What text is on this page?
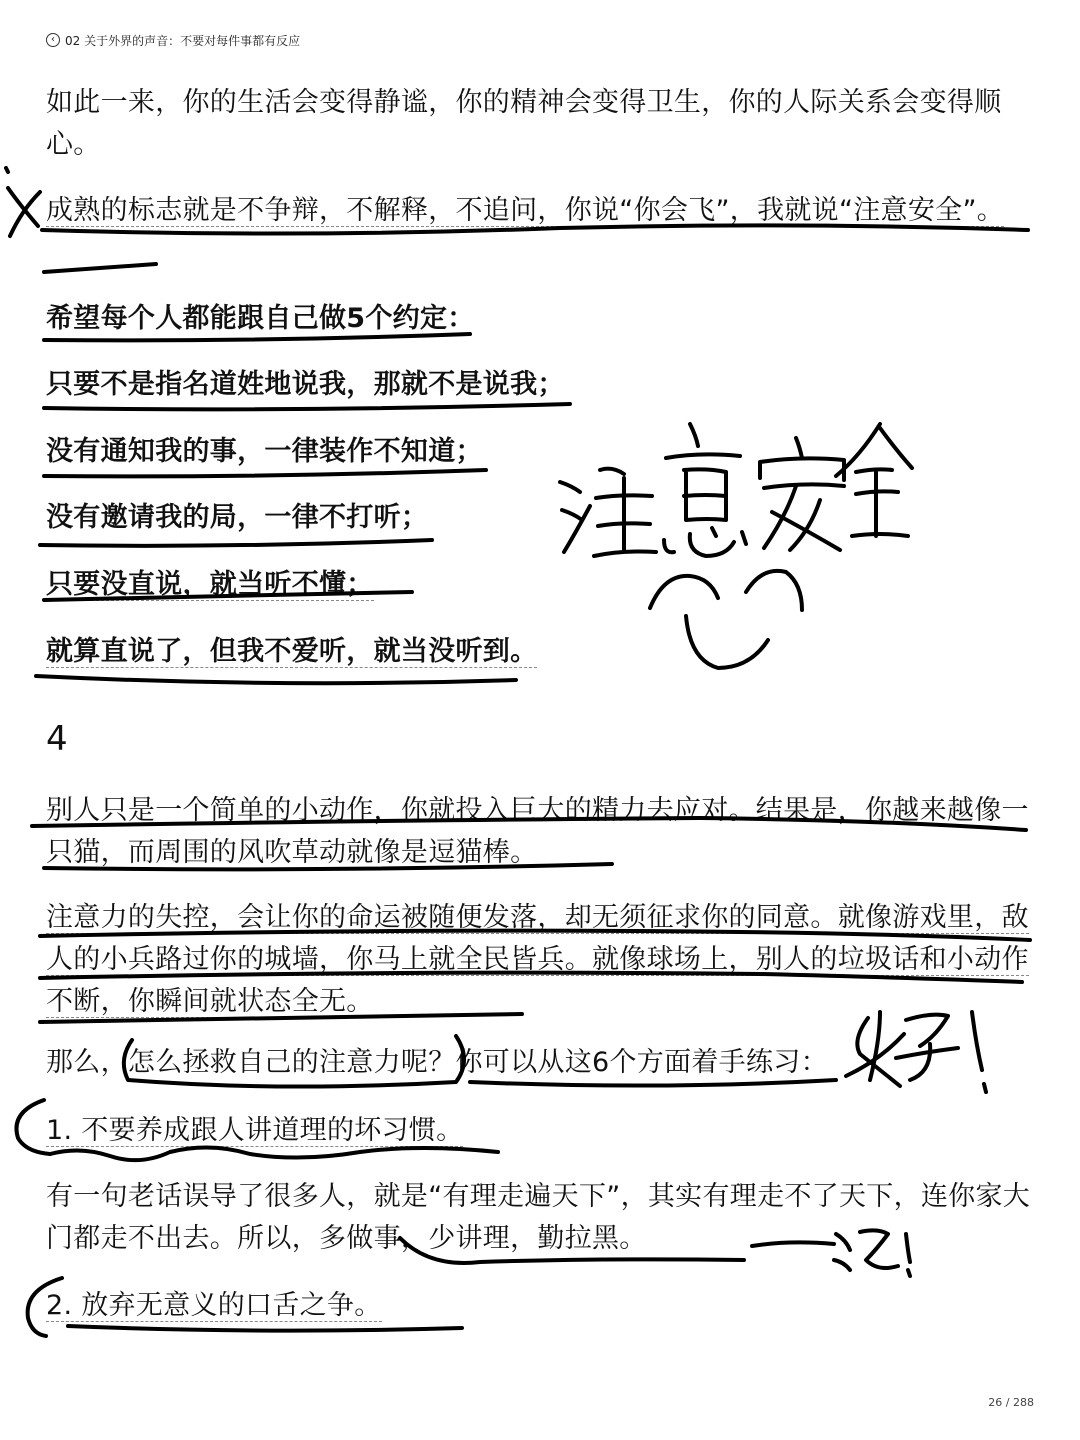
‹ 02 关于外界的声音：不要对每件事都有反应
如此一来，你的生活会变得静谧，你的精神会变得卫生，你的人际关系会变得顺心。
成熟的标志就是不争辩，不解释，不追问，你说“你会飞”，我就说“注意安全”。
希望每个人都能跟自己做5个约定：
只要不是指名道姓地说我，那就不是说我；
没有通知我的事，一律装作不知道；
没有邀请我的局，一律不打听；
只要没直说，就当听不懂；
就算直说了，但我不爱听，就当没听到。
4
别人只是一个简单的小动作，你就投入巨大的精力去应对。结果是，你越来越像一只猫，而周围的风吹草动就像是逗猫棒。
注意力的失控，会让你的命运被随便发落，却无须征求你的同意。就像游戏里，敌人的小兵路过你的城墙，你马上就全民皆兵。就像球场上，别人的垃圾话和小动作不断，你瞬间就状态全无。
那么，怎么拯救自己的注意力呢？你可以从这6个方面着手练习：
1. 不要养成跟人讲道理的坏习惯。
有一句老话误导了很多人，就是“有理走遍天下”，其实有理走不了天下，连你家大门都走不出去。所以，多做事，少讲理，勤拉黑。
2. 放弃无意义的口舌之争。
26 / 288
